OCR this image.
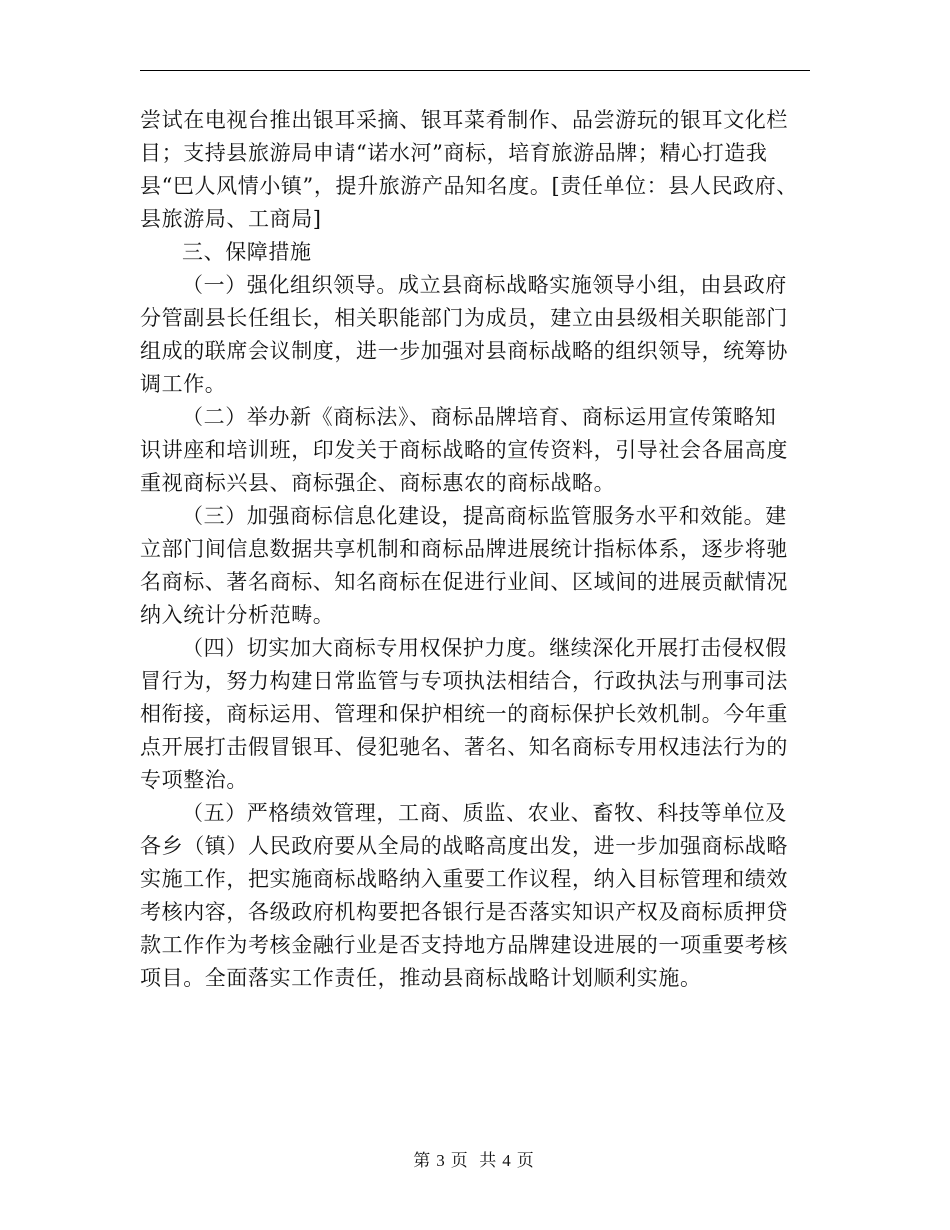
尝试在电视台推出银耳采摘、银耳菜肴制作、品尝游玩的银耳文化栏
目；支持县旅游局申请“诺水河”商标，培育旅游品牌；精心打造我
县“巴人风情小镇”，提升旅游产品知名度。[责任单位：县人民政府、
县旅游局、工商局]
三、保障措施
（一）强化组织领导。成立县商标战略实施领导小组，由县政府
分管副县长任组长，相关职能部门为成员，建立由县级相关职能部门
组成的联席会议制度，进一步加强对县商标战略的组织领导，统筹协
调工作。
（二）举办新《商标法》、商标品牌培育、商标运用宣传策略知
识讲座和培训班，印发关于商标战略的宣传资料，引导社会各届高度
重视商标兴县、商标强企、商标惠农的商标战略。
（三）加强商标信息化建设，提高商标监管服务水平和效能。建
立部门间信息数据共享机制和商标品牌进展统计指标体系，逐步将驰
名商标、著名商标、知名商标在促进行业间、区域间的进展贡献情况
纳入统计分析范畴。
（四）切实加大商标专用权保护力度。继续深化开展打击侵权假
冒行为，努力构建日常监管与专项执法相结合，行政执法与刑事司法
相衔接，商标运用、管理和保护相统一的商标保护长效机制。今年重
点开展打击假冒银耳、侵犯驰名、著名、知名商标专用权违法行为的
专项整治。
（五）严格绩效管理，工商、质监、农业、畜牧、科技等单位及
各乡（镇）人民政府要从全局的战略高度出发，进一步加强商标战略
实施工作，把实施商标战略纳入重要工作议程，纳入目标管理和绩效
考核内容，各级政府机构要把各银行是否落实知识产权及商标质押贷
款工作作为考核金融行业是否支持地方品牌建设进展的一项重要考核
项目。全面落实工作责任，推动县商标战略计划顺利实施。
第 3 页 共 4 页
